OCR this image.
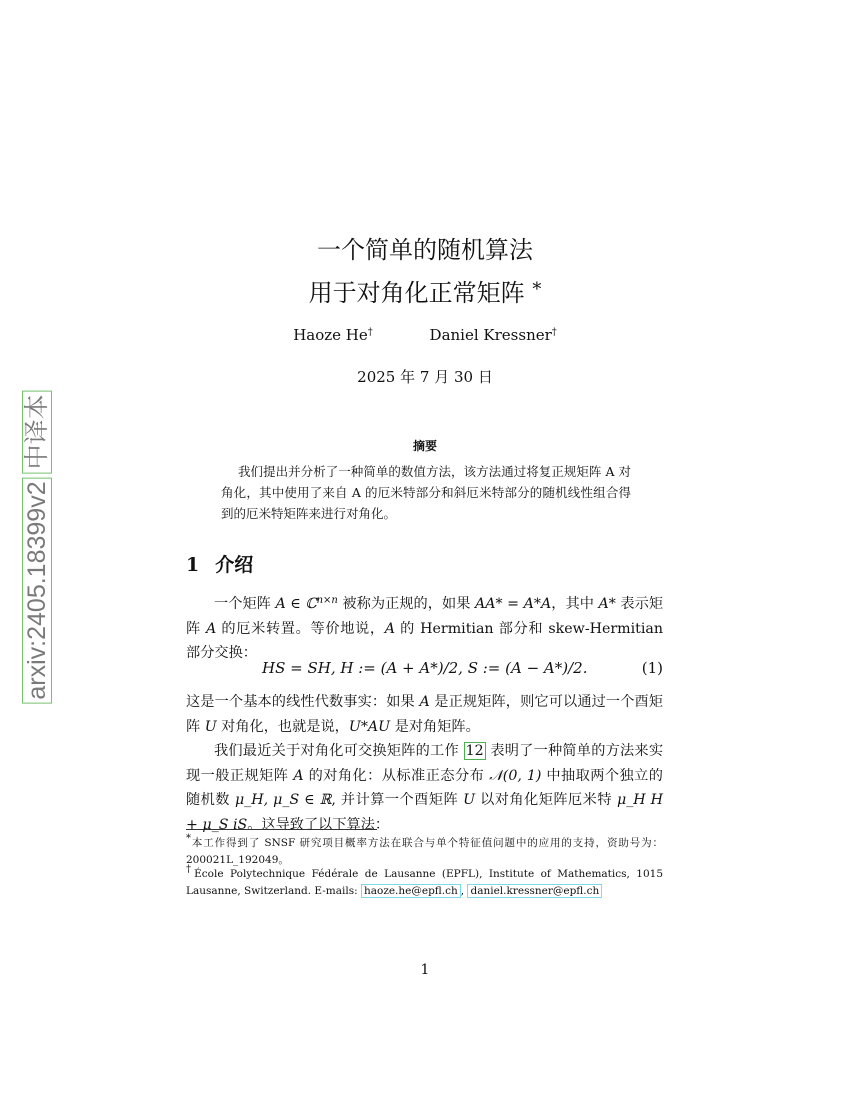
arxiv:2405.18399v2中译本
一个简单的随机算法
用于对角化正常矩阵 *
Haoze He†	Daniel Kressner†
2025 年 7 月 30 日
摘要
我们提出并分析了一种简单的数值方法，该方法通过将复正规矩阵 A 对角化，其中使用了来自 A 的厄米特部分和斜厄米特部分的随机线性组合得到的厄米特矩阵来进行对角化。
1 介绍
一个矩阵 A ∈ ℂ$^{n\times n}$ 被称为正规的，如果 AA* = A*A，其中 A* 表示矩阵 A 的厄米转置。等价地说，A 的 Hermitian 部分和 skew-Hermitian 部分交换：
HS = SH, H := (A + A*)/2, S := (A − A*)/2.	(1)
这是一个基本的线性代数事实：如果 A 是正规矩阵，则它可以通过一个酉矩阵 U 对角化，也就是说，U*AU 是对角矩阵。
我们最近关于对角化可交换矩阵的工作 12 表明了一种简单的方法来实现一般正规矩阵 A 的对角化：从标准正态分布 𝒩(0, 1) 中抽取两个独立的随机数 μ_H, μ_S ∈ ℝ, 并计算一个酉矩阵 U 以对角化矩阵厄米特 μ_H H + μ_S iS。这导致了以下算法：
*本工作得到了 SNSF 研究项目概率方法在联合与单个特征值问题中的应用的支持，资助号为：200021L_192049。
†École Polytechnique Fédérale de Lausanne (EPFL), Institute of Mathematics, 1015 Lausanne, Switzerland. E-mails: haoze.he@epfl.ch , daniel.kressner@epfl.ch
1
